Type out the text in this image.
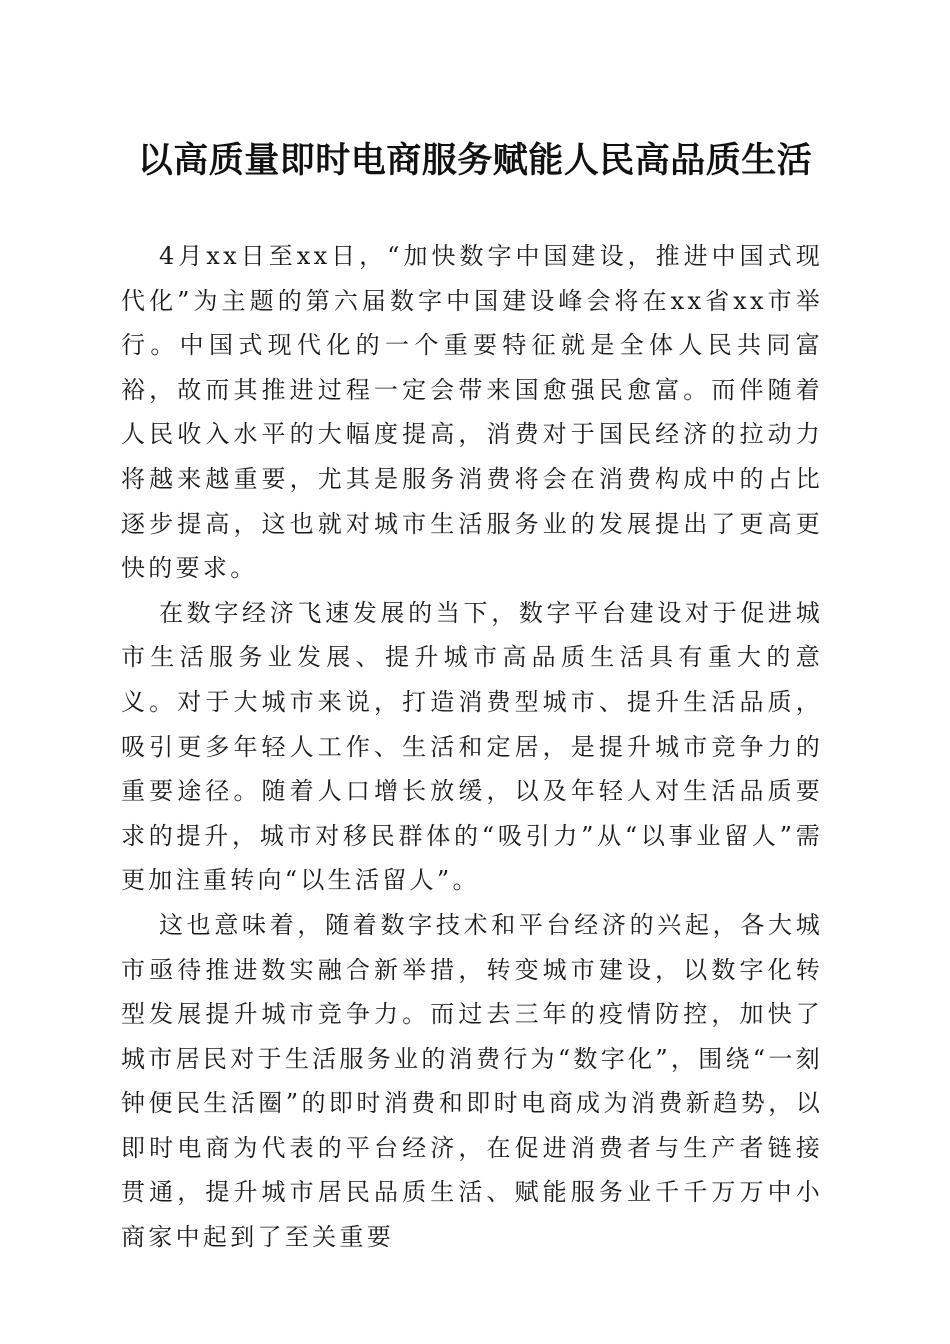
以高质量即时电商服务赋能人民高品质生活

4月xx日至xx日，“加快数字中国建设，推进中国式现代化”为主题的第六届数字中国建设峰会将在xx省xx市举行。中国式现代化的一个重要特征就是全体人民共同富裕，故而其推进过程一定会带来国愈强民愈富。而伴随着人民收入水平的大幅度提高，消费对于国民经济的拉动力将越来越重要，尤其是服务消费将会在消费构成中的占比逐步提高，这也就对城市生活服务业的发展提出了更高更快的要求。

在数字经济飞速发展的当下，数字平台建设对于促进城市生活服务业发展、提升城市高品质生活具有重大的意义。对于大城市来说，打造消费型城市、提升生活品质，吸引更多年轻人工作、生活和定居，是提升城市竞争力的重要途径。随着人口增长放缓，以及年轻人对生活品质要求的提升，城市对移民群体的“吸引力”从“以事业留人”需更加注重转向“以生活留人”。

这也意味着，随着数字技术和平台经济的兴起，各大城市亟待推进数实融合新举措，转变城市建设，以数字化转型发展提升城市竞争力。而过去三年的疫情防控，加快了城市居民对于生活服务业的消费行为“数字化”，围绕“一刻钟便民生活圈”的即时消费和即时电商成为消费新趋势，以即时电商为代表的平台经济，在促进消费者与生产者链接贯通，提升城市居民品质生活、赋能服务业千千万万中小商家中起到了至关重要
